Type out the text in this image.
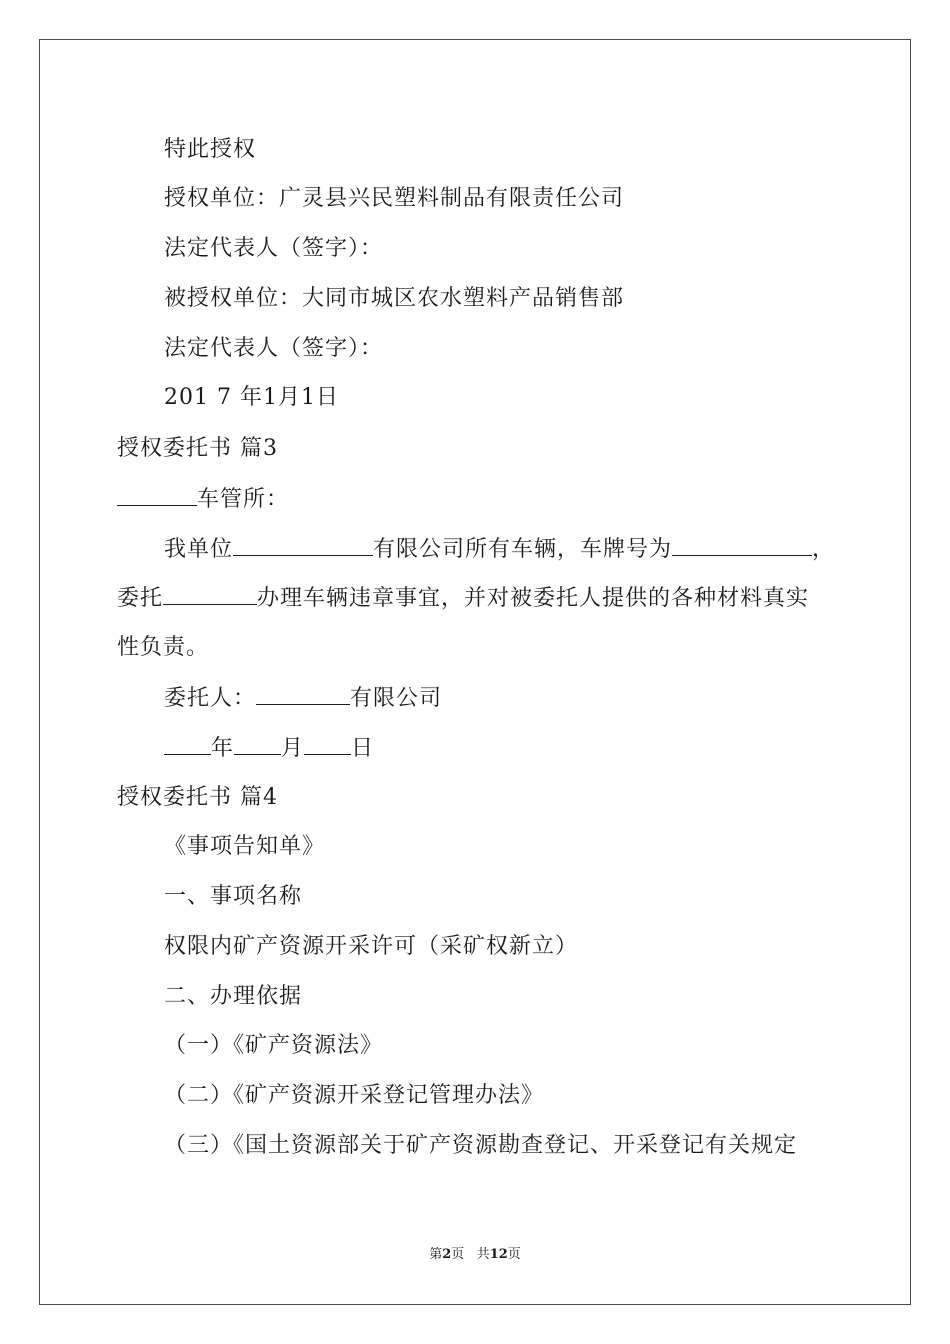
特此授权
授权单位：广灵县兴民塑料制品有限责任公司
法定代表人（签字）：
被授权单位：大同市城区农水塑料产品销售部
法定代表人（签字）：
201 7 年1月1日
授权委托书 篇3
车管所：
我单位	有限公司所有车辆，车牌号为	，
委托	办理车辆违章事宜，并对被委托人提供的各种材料真实
性负责。
委托人：	有限公司
年 月 日
授权委托书 篇4
《事项告知单》
一、事项名称
权限内矿产资源开采许可（采矿权新立）
二、办理依据
（一）《矿产资源法》
（二）《矿产资源开采登记管理办法》
（三）《国土资源部关于矿产资源勘查登记、开采登记有关规定
第2页 共12页
